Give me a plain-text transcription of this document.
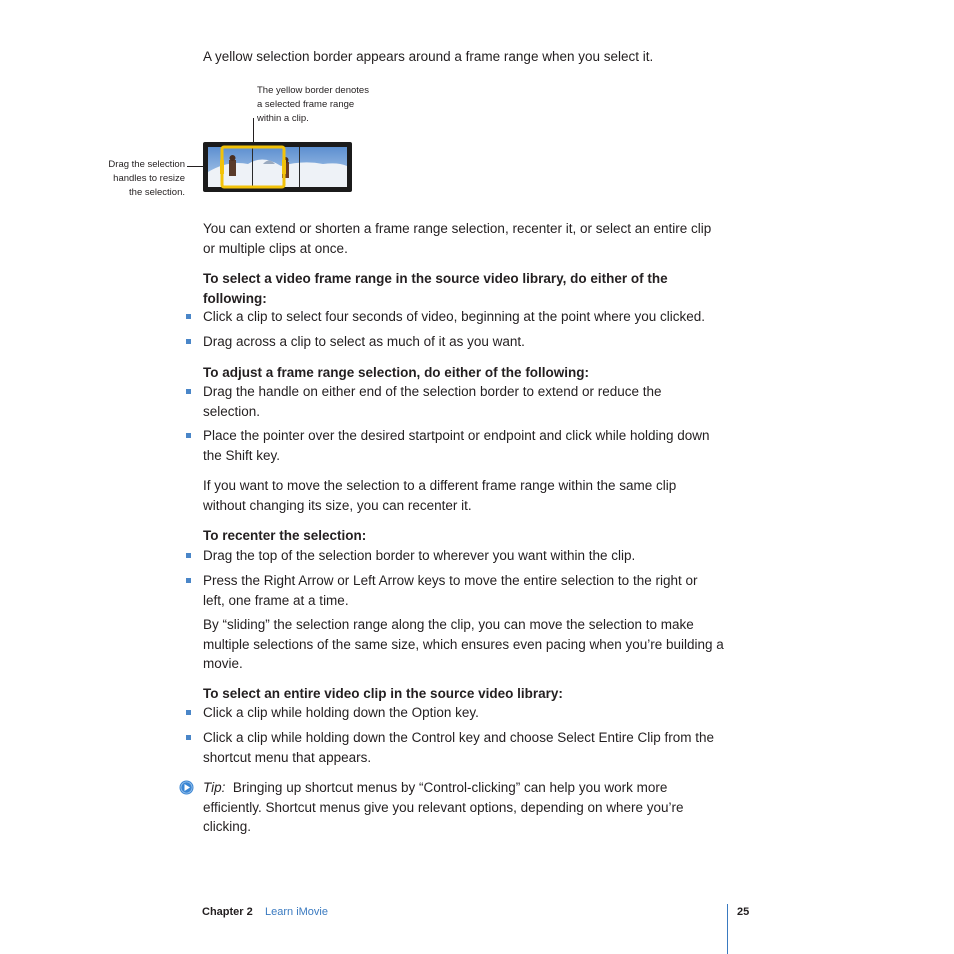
A yellow selection border appears around a frame range when you select it.

The yellow border denotes
a selected frame range
within a clip.
Drag the selection
handles to resize
the selection.
You can extend or shorten a frame range selection, recenter it, or select an entire clip
or multiple clips at once.
To select a video frame range in the source video library, do either of the
following:
Click a clip to select four seconds of video, beginning at the point where you clicked.
Drag across a clip to select as much of it as you want.
To adjust a frame range selection, do either of the following:
Drag the handle on either end of the selection border to extend or reduce the
selection.
Place the pointer over the desired startpoint or endpoint and click while holding down
the Shift key.
If you want to move the selection to a different frame range within the same clip
without changing its size, you can recenter it.
To recenter the selection:
Drag the top of the selection border to wherever you want within the clip.
Press the Right Arrow or Left Arrow keys to move the entire selection to the right or
left, one frame at a time.
By “sliding” the selection range along the clip, you can move the selection to make
multiple selections of the same size, which ensures even pacing when you’re building a
movie.
To select an entire video clip in the source video library:
Click a clip while holding down the Option key.
Click a clip while holding down the Control key and choose Select Entire Clip from the
shortcut menu that appears.
Tip: Bringing up shortcut menus by “Control-clicking” can help you work more
efficiently. Shortcut menus give you relevant options, depending on where you’re
clicking.
Chapter 2 Learn iMovie	25
